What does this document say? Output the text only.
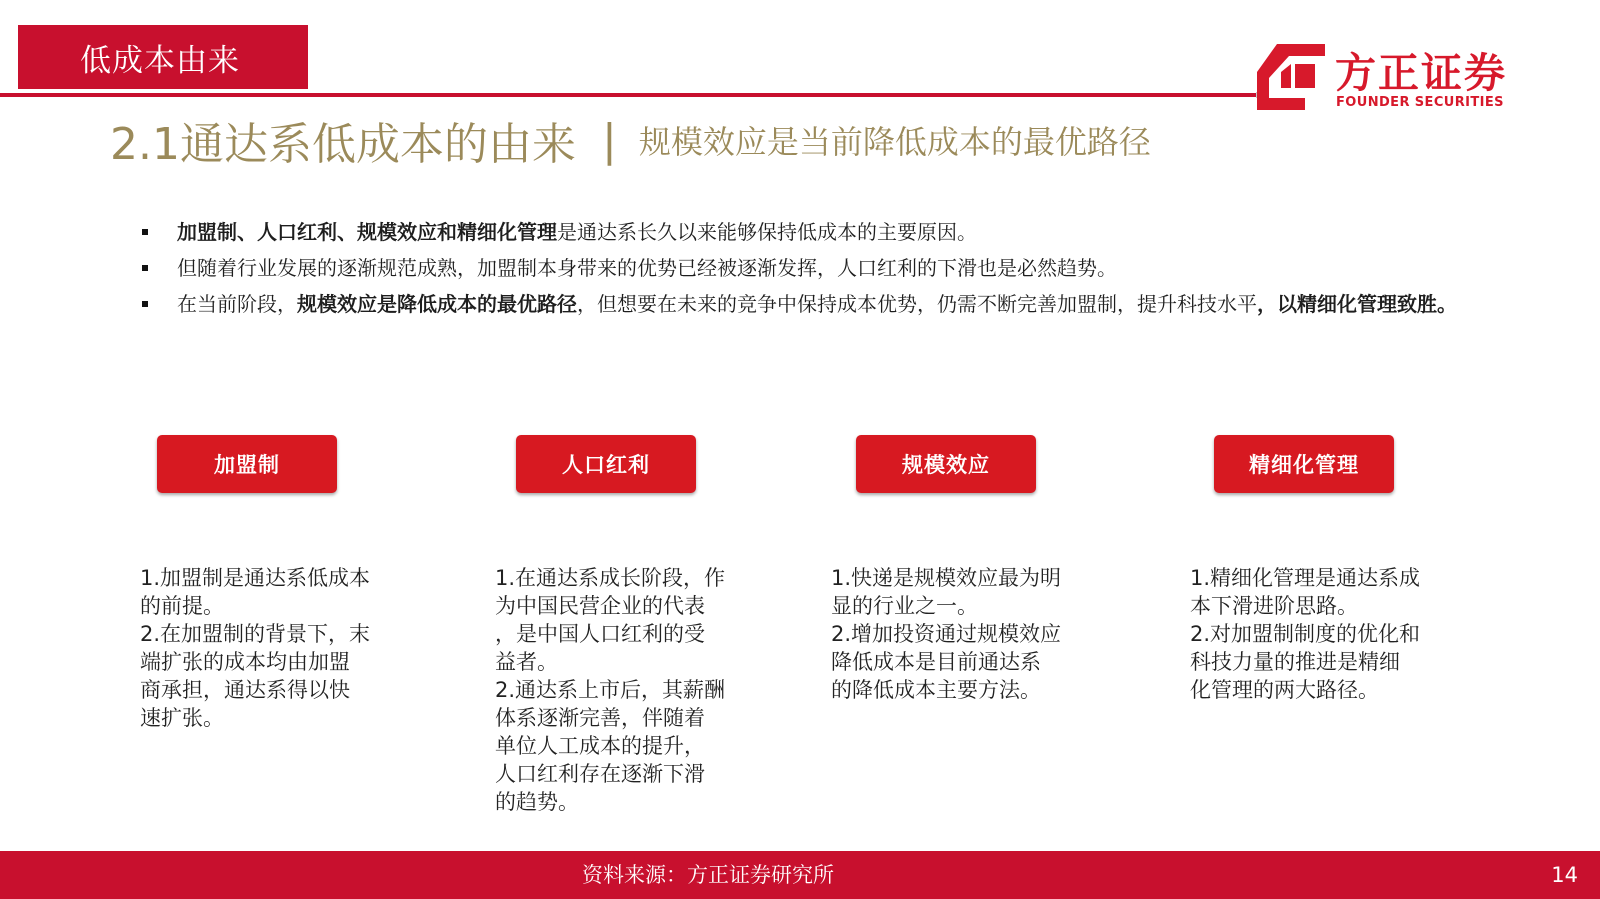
低成本由来	方正证券
FOUNDER SECURITIES
2.1通达系低成本的由来 | 规模效应是当前降低成本的最优路径
加盟制、人口红利、规模效应和精细化管理是通达系长久以来能够保持低成本的主要原因。
但随着行业发展的逐渐规范成熟，加盟制本身带来的优势已经被逐渐发挥，人口红利的下滑也是必然趋势。
在当前阶段，规模效应是降低成本的最优路径，但想要在未来的竞争中保持成本优势，仍需不断完善加盟制，提升科技水平，以精细化管理致胜。
加盟制	人口红利	规模效应	精细化管理

1.加盟制是通达系低成本
的前提。
2.在加盟制的背景下，末
端扩张的成本均由加盟
商承担，通达系得以快
速扩张。

1.在通达系成长阶段，作
为中国民营企业的代表
，是中国人口红利的受
益者。
2.通达系上市后，其薪酬
体系逐渐完善，伴随着
单位人工成本的提升，
人口红利存在逐渐下滑
的趋势。

1.快递是规模效应最为明
显的行业之一。
2.增加投资通过规模效应
降低成本是目前通达系
的降低成本主要方法。

1.精细化管理是通达系成
本下滑进阶思路。
2.对加盟制制度的优化和
科技力量的推进是精细
化管理的两大路径。

资料来源：方正证券研究所	14
